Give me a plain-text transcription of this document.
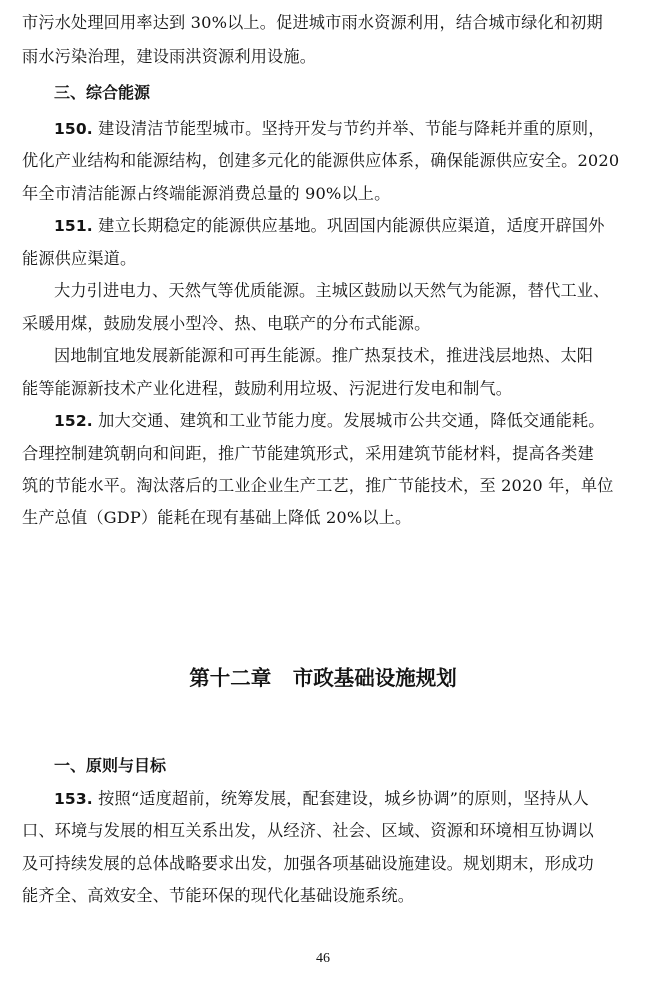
市污水处理回用率达到 30%以上。促进城市雨水资源利用，结合城市绿化和初期
雨水污染治理，建设雨洪资源利用设施。
三、综合能源
150. 建设清洁节能型城市。坚持开发与节约并举、节能与降耗并重的原则，
优化产业结构和能源结构，创建多元化的能源供应体系，确保能源供应安全。2020
年全市清洁能源占终端能源消费总量的 90%以上。
151. 建立长期稳定的能源供应基地。巩固国内能源供应渠道，适度开辟国外
能源供应渠道。
大力引进电力、天然气等优质能源。主城区鼓励以天然气为能源，替代工业、
采暖用煤，鼓励发展小型冷、热、电联产的分布式能源。
因地制宜地发展新能源和可再生能源。推广热泵技术，推进浅层地热、太阳
能等能源新技术产业化进程，鼓励利用垃圾、污泥进行发电和制气。
152. 加大交通、建筑和工业节能力度。发展城市公共交通，降低交通能耗。
合理控制建筑朝向和间距，推广节能建筑形式，采用建筑节能材料，提高各类建
筑的节能水平。淘汰落后的工业企业生产工艺，推广节能技术，至 2020 年，单位
生产总值（GDP）能耗在现有基础上降低 20%以上。
第十二章   市政基础设施规划
一、原则与目标
153. 按照“适度超前，统筹发展，配套建设，城乡协调”的原则，坚持从人
口、环境与发展的相互关系出发，从经济、社会、区域、资源和环境相互协调以
及可持续发展的总体战略要求出发，加强各项基础设施建设。规划期末，形成功
能齐全、高效安全、节能环保的现代化基础设施系统。
46
